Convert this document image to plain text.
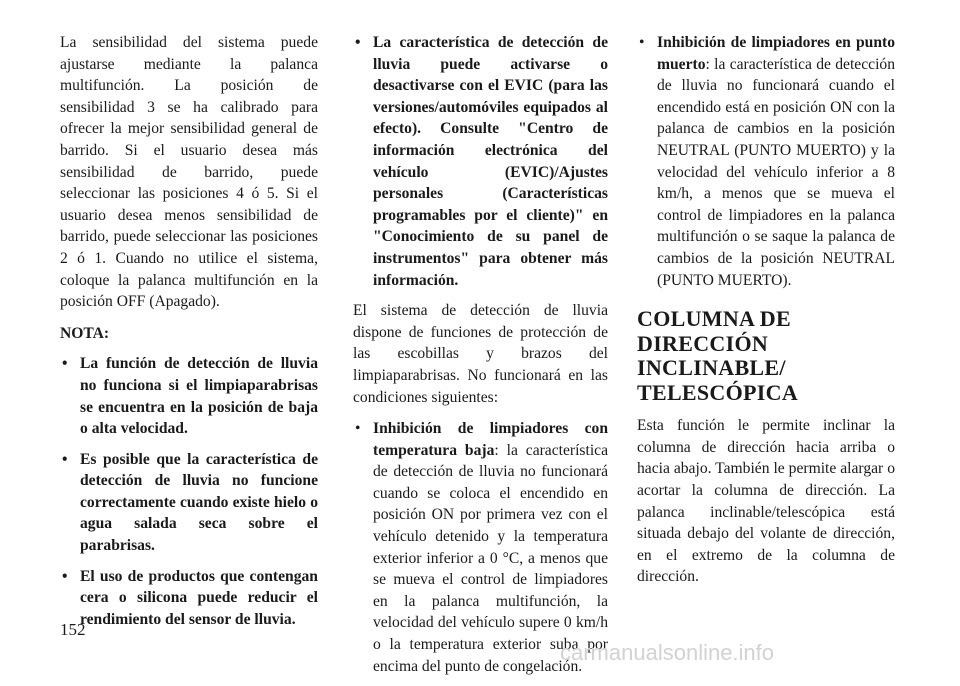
La sensibilidad del sistema puede ajustarse mediante la palanca multifunción. La posición de sensibilidad 3 se ha calibrado para ofrecer la mejor sensibilidad general de barrido. Si el usuario desea más sensibilidad de barrido, puede seleccionar las posiciones 4 ó 5. Si el usuario desea menos sensibilidad de barrido, puede seleccionar las posiciones 2 ó 1. Cuando no utilice el sistema, coloque la palanca multifunción en la posición OFF (Apagado).

NOTA:

• La función de detección de lluvia no funciona si el limpiaparabrisas se encuentra en la posición de baja o alta velocidad.
• Es posible que la característica de detección de lluvia no funcione correctamente cuando existe hielo o agua salada seca sobre el parabrisas.
• El uso de productos que contengan cera o silicona puede reducir el rendimiento del sensor de lluvia.
• La característica de detección de lluvia puede activarse o desactivarse con el EVIC (para las versiones/automóviles equipados al efecto). Consulte "Centro de información electrónica del vehículo (EVIC)/Ajustes personales (Características programables por el cliente)" en "Conocimiento de su panel de instrumentos" para obtener más información.

El sistema de detección de lluvia dispone de funciones de protección de las escobillas y brazos del limpiaparabrisas. No funcionará en las condiciones siguientes:

• Inhibición de limpiadores con temperatura baja: la característica de detección de lluvia no funcionará cuando se coloca el encendido en posición ON por primera vez con el vehículo detenido y la temperatura exterior inferior a 0 °C, a menos que se mueva el control de limpiadores en la palanca multifunción, la velocidad del vehículo supere 0 km/h o la temperatura exterior suba por encima del punto de congelación.
• Inhibición de limpiadores en punto muerto: la característica de detección de lluvia no funcionará cuando el encendido está en posición ON con la palanca de cambios en la posición NEUTRAL (PUNTO MUERTO) y la velocidad del vehículo inferior a 8 km/h, a menos que se mueva el control de limpiadores en la palanca multifunción o se saque la palanca de cambios de la posición NEUTRAL (PUNTO MUERTO).
COLUMNA DE
DIRECCIÓN
INCLINABLE/
TELESCÓPICA

Esta función le permite inclinar la columna de dirección hacia arriba o hacia abajo. También le permite alargar o acortar la columna de dirección. La palanca inclinable/telescópica está situada debajo del volante de dirección, en el extremo de la columna de dirección.

152
carmanualsonline.info
